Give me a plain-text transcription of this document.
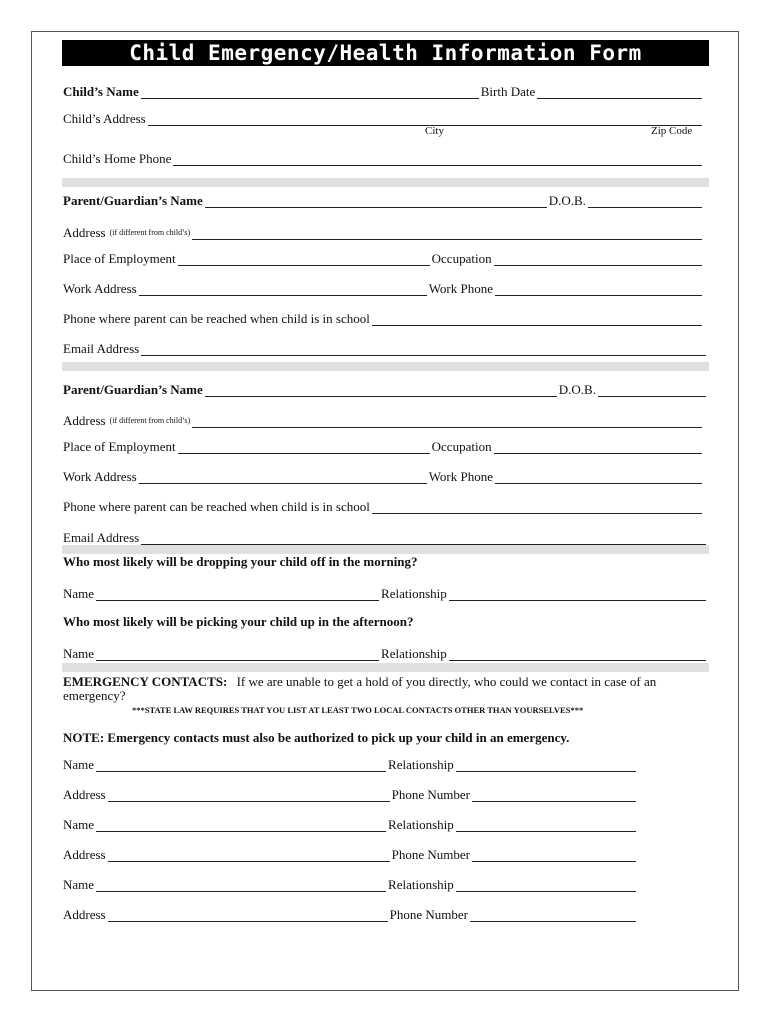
Child Emergency/Health Information Form
Child’s Name	Birth Date
Child’s Address
City	Zip Code
Child’s Home Phone
Parent/Guardian’s Name	D.O.B.
Address (if different from child’s)
Place of Employment	Occupation
Work Address	Work Phone
Phone where parent can be reached when child is in school
Email Address
Parent/Guardian’s Name	D.O.B.
Address (if different from child’s)
Place of Employment	Occupation
Work Address	Work Phone
Phone where parent can be reached when child is in school
Email Address
Who most likely will be dropping your child off in the morning?
Name	Relationship
Who most likely will be picking your child up in the afternoon?
Name	Relationship
EMERGENCY CONTACTS: If we are unable to get a hold of you directly, who could we contact in case of an emergency?
***STATE LAW REQUIRES THAT YOU LIST AT LEAST TWO LOCAL CONTACTS OTHER THAN YOURSELVES***
NOTE: Emergency contacts must also be authorized to pick up your child in an emergency.
Name	Relationship
Address	Phone Number
Name	Relationship
Address	Phone Number
Name	Relationship
Address	Phone Number
